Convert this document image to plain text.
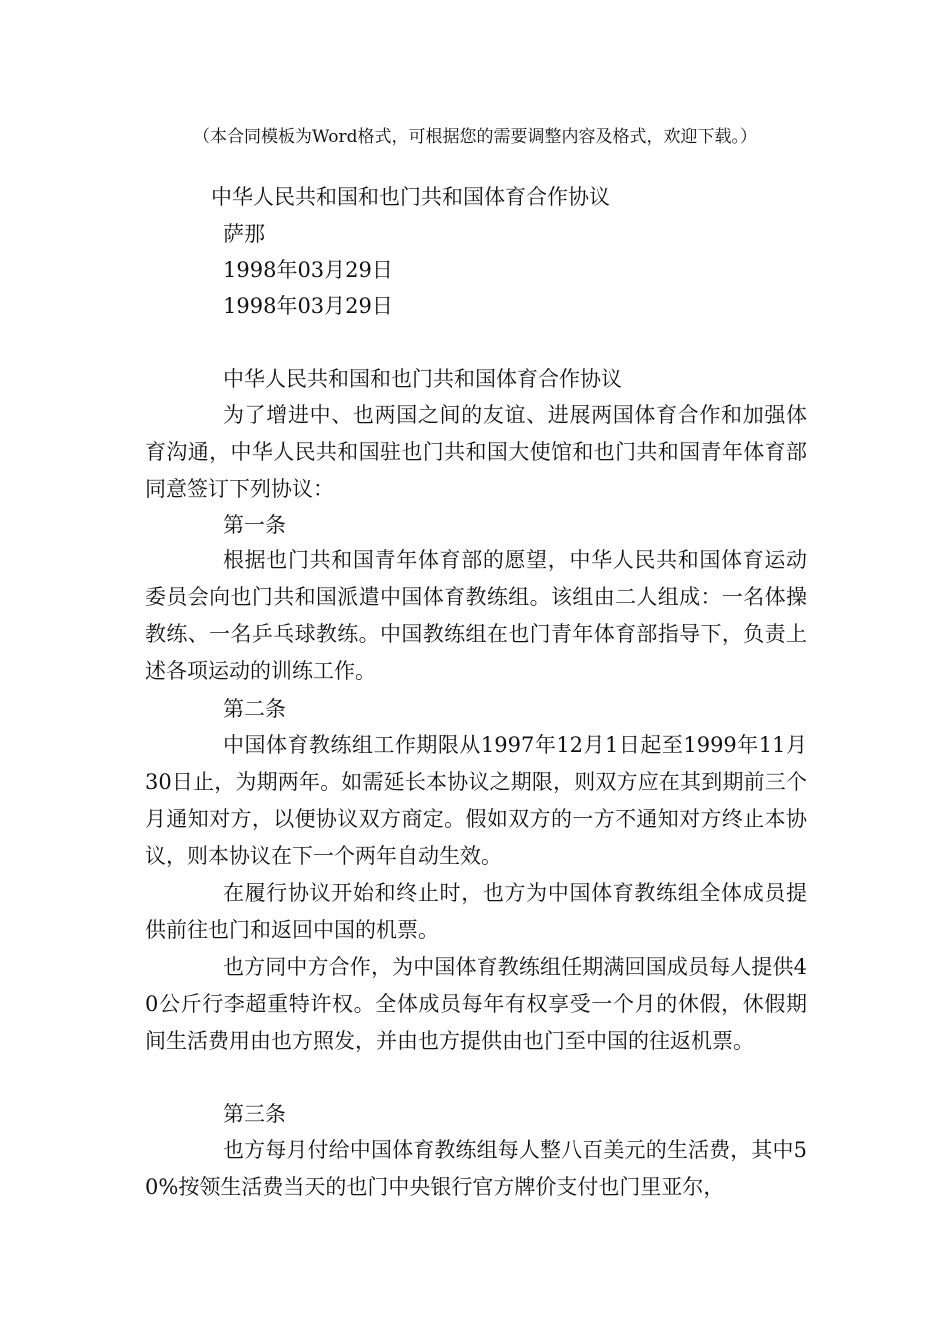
（本合同模板为Word格式，可根据您的需要调整内容及格式，欢迎下载。）
中华人民共和国和也门共和国体育合作协议
萨那
1998年03月29日
1998年03月29日
中华人民共和国和也门共和国体育合作协议
为了增进中、也两国之间的友谊、进展两国体育合作和加强体育沟通，中华人民共和国驻也门共和国大使馆和也门共和国青年体育部同意签订下列协议：
第一条
根据也门共和国青年体育部的愿望，中华人民共和国体育运动委员会向也门共和国派遣中国体育教练组。该组由二人组成：一名体操教练、一名乒乓球教练。中国教练组在也门青年体育部指导下，负责上述各项运动的训练工作。
第二条
中国体育教练组工作期限从1997年12月1日起至1999年11月30日止，为期两年。如需延长本协议之期限，则双方应在其到期前三个月通知对方，以便协议双方商定。假如双方的一方不通知对方终止本协议，则本协议在下一个两年自动生效。
在履行协议开始和终止时，也方为中国体育教练组全体成员提供前往也门和返回中国的机票。
也方同中方合作，为中国体育教练组任期满回国成员每人提供40公斤行李超重特许权。全体成员每年有权享受一个月的休假，休假期间生活费用由也方照发，并由也方提供由也门至中国的往返机票。
第三条
也方每月付给中国体育教练组每人整八百美元的生活费，其中50%按领生活费当天的也门中央银行官方牌价支付也门里亚尔，
